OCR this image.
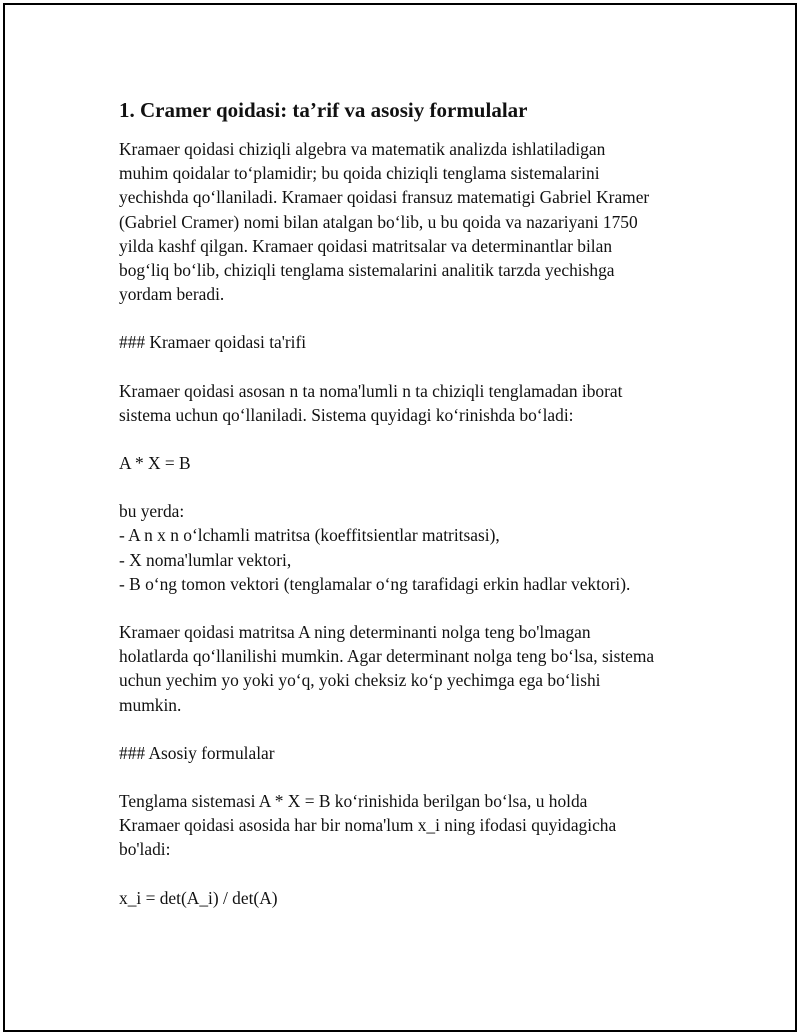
1. Cramer qoidasi: ta’rif va asosiy formulalar
Kramaer qoidasi chiziqli algebra va matematik analizda ishlatiladigan
muhim qoidalar to‘plamidir; bu qoida chiziqli tenglama sistemalarini
yechishda qo‘llaniladi. Kramaer qoidasi fransuz matematigi Gabriel Kramer
(Gabriel Cramer) nomi bilan atalgan bo‘lib, u bu qoida va nazariyani 1750
yilda kashf qilgan. Kramaer qoidasi matritsalar va determinantlar bilan
bog‘liq bo‘lib, chiziqli tenglama sistemalarini analitik tarzda yechishga
yordam beradi.
### Kramaer qoidasi ta'rifi
Kramaer qoidasi asosan n ta noma'lumli n ta chiziqli tenglamadan iborat
sistema uchun qo‘llaniladi. Sistema quyidagi ko‘rinishda bo‘ladi:
A * X = B
bu yerda:
- A n x n o‘lchamli matritsa (koeffitsientlar matritsasi),
- X noma'lumlar vektori,
- B o‘ng tomon vektori (tenglamalar o‘ng tarafidagi erkin hadlar vektori).
Kramaer qoidasi matritsa A ning determinanti nolga teng bo'lmagan
holatlarda qo‘llanilishi mumkin. Agar determinant nolga teng bo‘lsa, sistema
uchun yechim yo yoki yo‘q, yoki cheksiz ko‘p yechimga ega bo‘lishi
mumkin.
### Asosiy formulalar
Tenglama sistemasi A * X = B ko‘rinishida berilgan bo‘lsa, u holda
Kramaer qoidasi asosida har bir noma'lum x_i ning ifodasi quyidagicha
bo'ladi:
x_i = det(A_i) / det(A)
